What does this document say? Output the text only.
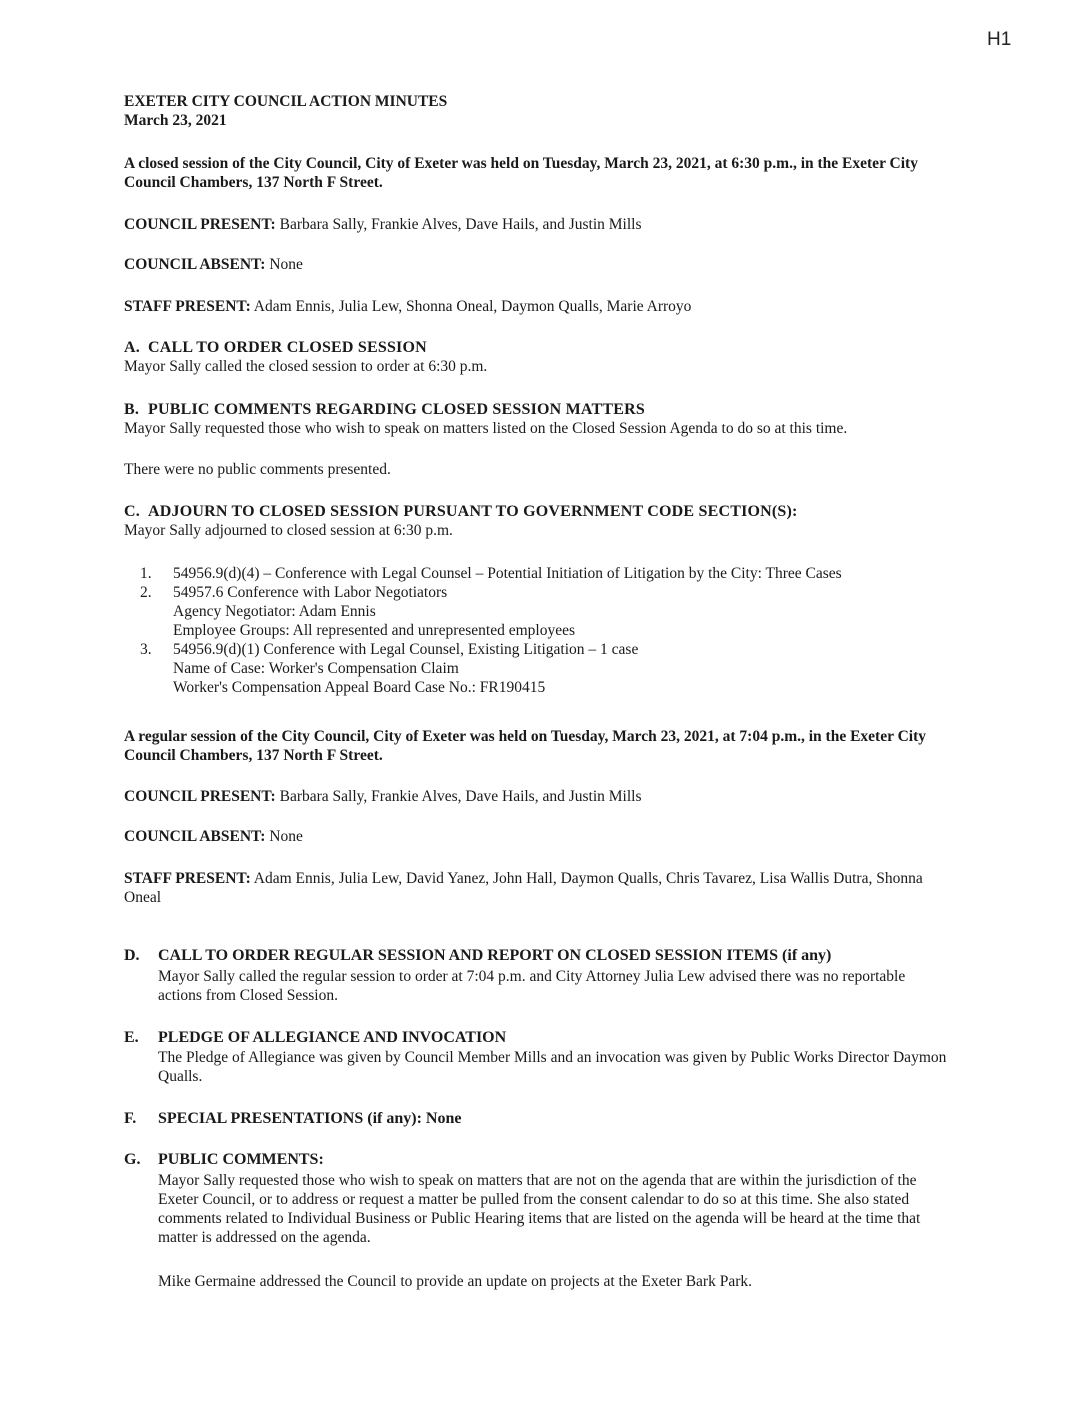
H1

EXETER CITY COUNCIL ACTION MINUTES

March 23, 2021

A closed session of the City Council, City of Exeter was held on Tuesday, March 23, 2021, at 6:30 p.m., in the Exeter City Council Chambers, 137 North F Street.

COUNCIL PRESENT: Barbara Sally, Frankie Alves, Dave Hails, and Justin Mills

COUNCIL ABSENT: None

STAFF PRESENT: Adam Ennis, Julia Lew, Shonna Oneal, Daymon Qualls, Marie Arroyo

A. CALL TO ORDER CLOSED SESSION

Mayor Sally called the closed session to order at 6:30 p.m.

B. PUBLIC COMMENTS REGARDING CLOSED SESSION MATTERS

Mayor Sally requested those who wish to speak on matters listed on the Closed Session Agenda to do so at this time.

There were no public comments presented.

C. ADJOURN TO CLOSED SESSION PURSUANT TO GOVERNMENT CODE SECTION(S):

Mayor Sally adjourned to closed session at 6:30 p.m.

1. 54956.9(d)(4) – Conference with Legal Counsel – Potential Initiation of Litigation by the City: Three Cases
2. 54957.6 Conference with Labor Negotiators
Agency Negotiator: Adam Ennis
Employee Groups: All represented and unrepresented employees
3. 54956.9(d)(1) Conference with Legal Counsel, Existing Litigation – 1 case
Name of Case: Worker's Compensation Claim
Worker's Compensation Appeal Board Case No.: FR190415

A regular session of the City Council, City of Exeter was held on Tuesday, March 23, 2021, at 7:04 p.m., in the Exeter City Council Chambers, 137 North F Street.

COUNCIL PRESENT: Barbara Sally, Frankie Alves, Dave Hails, and Justin Mills

COUNCIL ABSENT: None

STAFF PRESENT: Adam Ennis, Julia Lew, David Yanez, John Hall, Daymon Qualls, Chris Tavarez, Lisa Wallis Dutra, Shonna Oneal

D. CALL TO ORDER REGULAR SESSION AND REPORT ON CLOSED SESSION ITEMS (if any)

Mayor Sally called the regular session to order at 7:04 p.m. and City Attorney Julia Lew advised there was no reportable actions from Closed Session.

E. PLEDGE OF ALLEGIANCE AND INVOCATION

The Pledge of Allegiance was given by Council Member Mills and an invocation was given by Public Works Director Daymon Qualls.

F. SPECIAL PRESENTATIONS (if any): None

G. PUBLIC COMMENTS:

Mayor Sally requested those who wish to speak on matters that are not on the agenda that are within the jurisdiction of the Exeter Council, or to address or request a matter be pulled from the consent calendar to do so at this time. She also stated comments related to Individual Business or Public Hearing items that are listed on the agenda will be heard at the time that matter is addressed on the agenda.

Mike Germaine addressed the Council to provide an update on projects at the Exeter Bark Park.
